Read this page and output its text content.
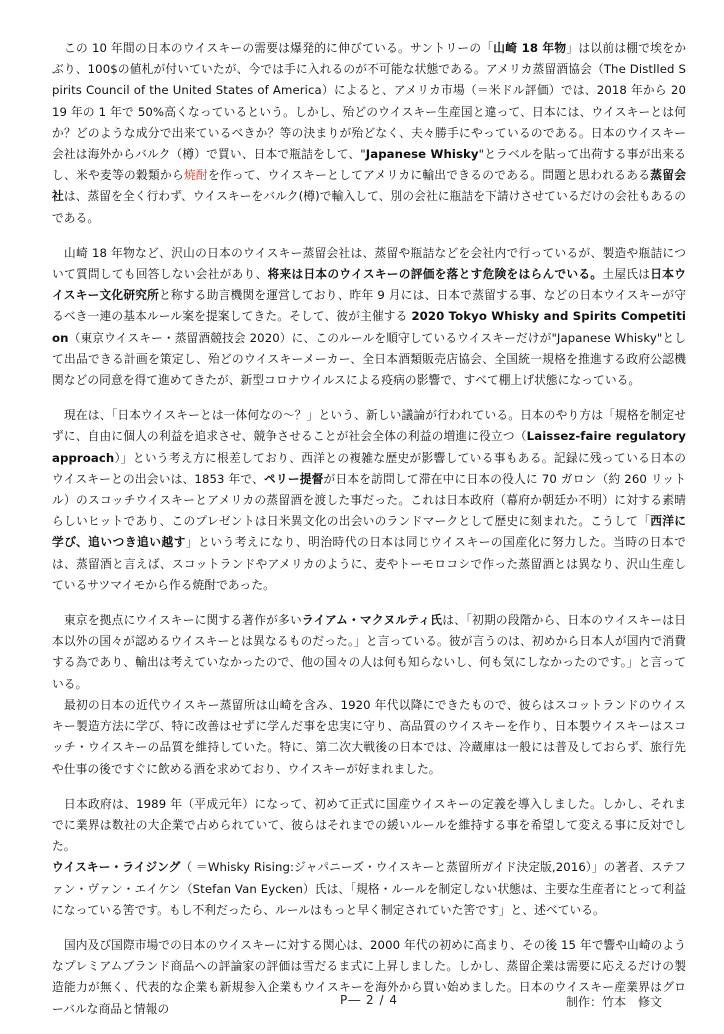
この 10 年間の日本のウイスキーの需要は爆発的に伸びている。サントリーの「山崎 18 年物」は以前は棚で埃をかぶり、100$の値札が付いていたが、今では手に入れるのが不可能な状態である。アメリカ蒸留酒協会（The Distlled Spirits Council of the United States of America）によると、アメリカ市場（＝米ドル評価）では、2018 年から 2019 年の 1 年で 50%高くなっているという。しかし、殆どのウイスキー生産国と違って、日本には、ウイスキーとは何か？どのような成分で出来ているべきか？等の決まりが殆どなく、夫々勝手にやっているのである。日本のウイスキー会社は海外からバルク（樽）で買い、日本で瓶詰をして、"Japanese Whisky"とラベルを貼って出荷する事が出来るし、米や麦等の穀類から焼酎を作って、ウイスキーとしてアメリカに輸出できるのである。問題と思われるある蒸留会社は、蒸留を全く行わず、ウイスキーをバルク(樽)で輸入して、別の会社に瓶詰を下請けさせているだけの会社もあるのである。

山崎 18 年物など、沢山の日本のウイスキー蒸留会社は、蒸留や瓶詰などを会社内で行っているが、製造や瓶詰について質問しても回答しない会社があり、将来は日本のウイスキーの評価を落とす危険をはらんでいる。土屋氏は日本ウイスキー文化研究所と称する助言機関を運営しており、昨年 9 月には、日本で蒸留する事、などの日本ウイスキーが守るべき一連の基本ルール案を提案してきた。そして、彼が主催する 2020 Tokyo Whisky and Spirits Competition（東京ウイスキー・蒸留酒競技会 2020）に、このルールを順守しているウイスキーだけが"Japanese Whisky"として出品できる計画を策定し、殆どのウイスキーメーカー、全日本酒類販売店協会、全国統一規格を推進する政府公認機関などの同意を得て進めてきたが、新型コロナウイルスによる疫病の影響で、すべて棚上げ状態になっている。

現在は、「日本ウイスキーとは一体何なの～？」という、新しい議論が行われている。日本のやり方は「規格を制定せずに、自由に個人の利益を追求させ、競争させることが社会全体の利益の増進に役立つ（Laissez-faire regulatory approach）」という考え方に根差しており、西洋との複雑な歴史が影響している事もある。記録に残っている日本のウイスキーとの出会いは、1853 年で、ペリー提督が日本を訪問して滞在中に日本の役人に 70 ガロン（約 260 リットル）のスコッチウイスキーとアメリカの蒸留酒を渡した事だった。これは日本政府（幕府か朝廷か不明）に対する素晴らしいヒットであり、このプレゼントは日米異文化の出会いのランドマークとして歴史に刻まれた。こうして「西洋に学び、追いつき追い越す」という考えになり、明治時代の日本は同じウイスキーの国産化に努力した。当時の日本では、蒸留酒と言えば、スコットランドやアメリカのように、麦やトーモロコシで作った蒸留酒とは異なり、沢山生産しているサツマイモから作る焼酎であった。

東京を拠点にウイスキーに関する著作が多いライアム・マクヌルティ氏は、「初期の段階から、日本のウイスキーは日本以外の国々が認めるウイスキーとは異なるものだった。」と言っている。彼が言うのは、初めから日本人が国内で消費する為であり、輸出は考えていなかったので、他の国々の人は何も知らないし、何も気にしなかったのです。」と言っている。

最初の日本の近代ウイスキー蒸留所は山崎を含み、1920 年代以降にできたもので、彼らはスコットランドのウイスキー製造方法に学び、特に改善はせずに学んだ事を忠実に守り、高品質のウイスキーを作り、日本製ウイスキーはスコッチ・ウイスキーの品質を維持していた。特に、第二次大戦後の日本では、冷蔵庫は一般には普及しておらず、旅行先や仕事の後ですぐに飲める酒を求めており、ウイスキーが好まれました。

日本政府は、1989 年（平成元年）になって、初めて正式に国産ウイスキーの定義を導入しました。しかし、それまでに業界は数社の大企業で占められていて、彼らはそれまでの緩いルールを維持する事を希望して変える事に反対でした。

ウイスキー・ライジング（ ＝Whisky Rising:ジャパニーズ・ウイスキーと蒸留所ガイド決定版,2016）」の著者、ステファン・ヴァン・エイケン（Stefan Van Eycken）氏は、「規格・ルールを制定しない状態は、主要な生産者にとって利益になっている筈です。もし不利だったら、ルールはもっと早く制定されていた筈です」と、述べている。

国内及び国際市場での日本のウイスキーに対する関心は、2000 年代の初めに高まり、その後 15 年で響や山崎のようなプレミアムブランド商品への評論家の評価は雪だるま式に上昇しました。しかし、蒸留企業は需要に応えるだけの製造能力が無く、代表的な企業も新規参入企業もウイスキーを海外から買い始めました。日本のウイスキー産業界はグローバルな商品と情報の

P― 2 / 4	制作：竹本　修文
